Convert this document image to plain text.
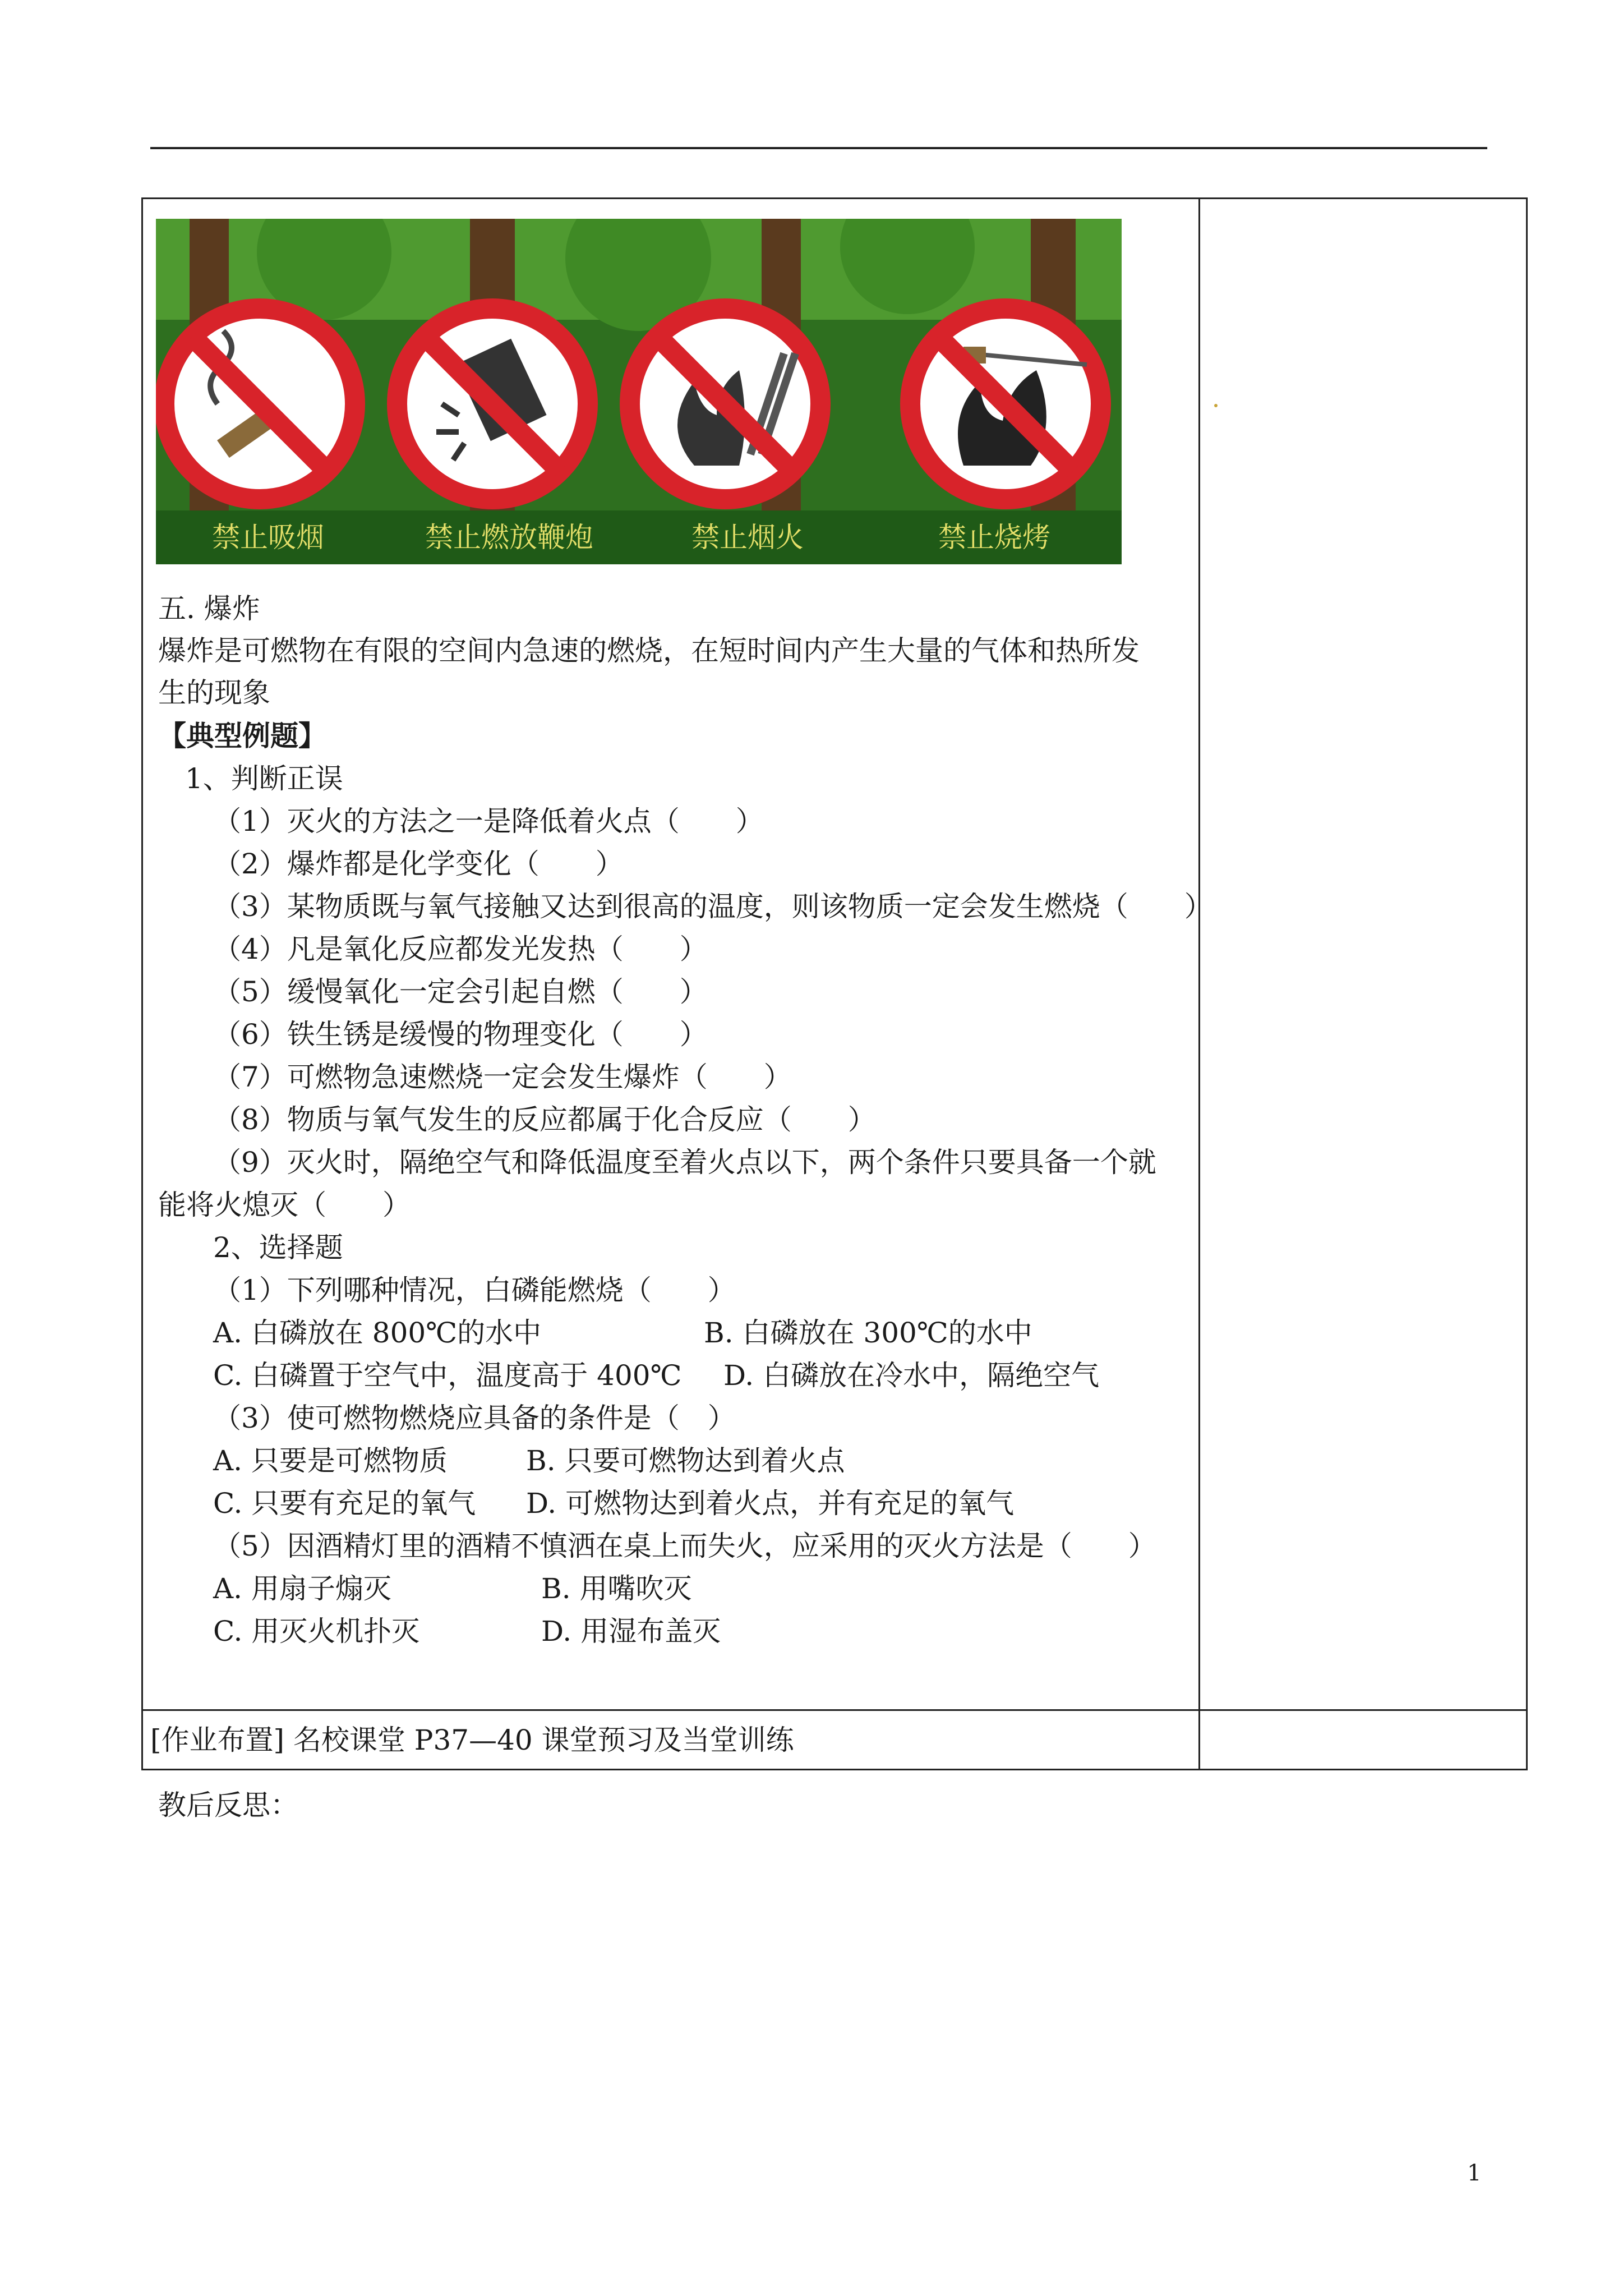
禁止吸烟	禁止燃放鞭炮	禁止烟火	禁止烧烤
五. 爆炸
爆炸是可燃物在有限的空间内急速的燃烧，在短时间内产生大量的气体和热所发
生的现象
【典型例题】
1、判断正误
（1）灭火的方法之一是降低着火点（　　）
（2）爆炸都是化学变化（　　）
（3）某物质既与氧气接触又达到很高的温度，则该物质一定会发生燃烧（　　）
（4）凡是氧化反应都发光发热（　　）
（5）缓慢氧化一定会引起自燃（　　）
（6）铁生锈是缓慢的物理变化（　　）
（7）可燃物急速燃烧一定会发生爆炸（　　）
（8）物质与氧气发生的反应都属于化合反应（　　）
（9）灭火时，隔绝空气和降低温度至着火点以下，两个条件只要具备一个就
能将火熄灭（　　）
2、选择题
（1）下列哪种情况，白磷能燃烧（　　）
A. 白磷放在 800℃的水中	B. 白磷放在 300℃的水中
C. 白磷置于空气中，温度高于 400℃ D. 白磷放在冷水中，隔绝空气
（3）使可燃物燃烧应具备的条件是（　）
A. 只要是可燃物质	B. 只要可燃物达到着火点
C. 只要有充足的氧气 D. 可燃物达到着火点，并有充足的氧气
（5）因酒精灯里的酒精不慎洒在桌上而失火，应采用的灭火方法是（　　）
A. 用扇子煽灭	B. 用嘴吹灭
C. 用灭火机扑灭	D. 用湿布盖灭
[作业布置] 名校课堂 P37—40 课堂预习及当堂训练
教后反思：
1
